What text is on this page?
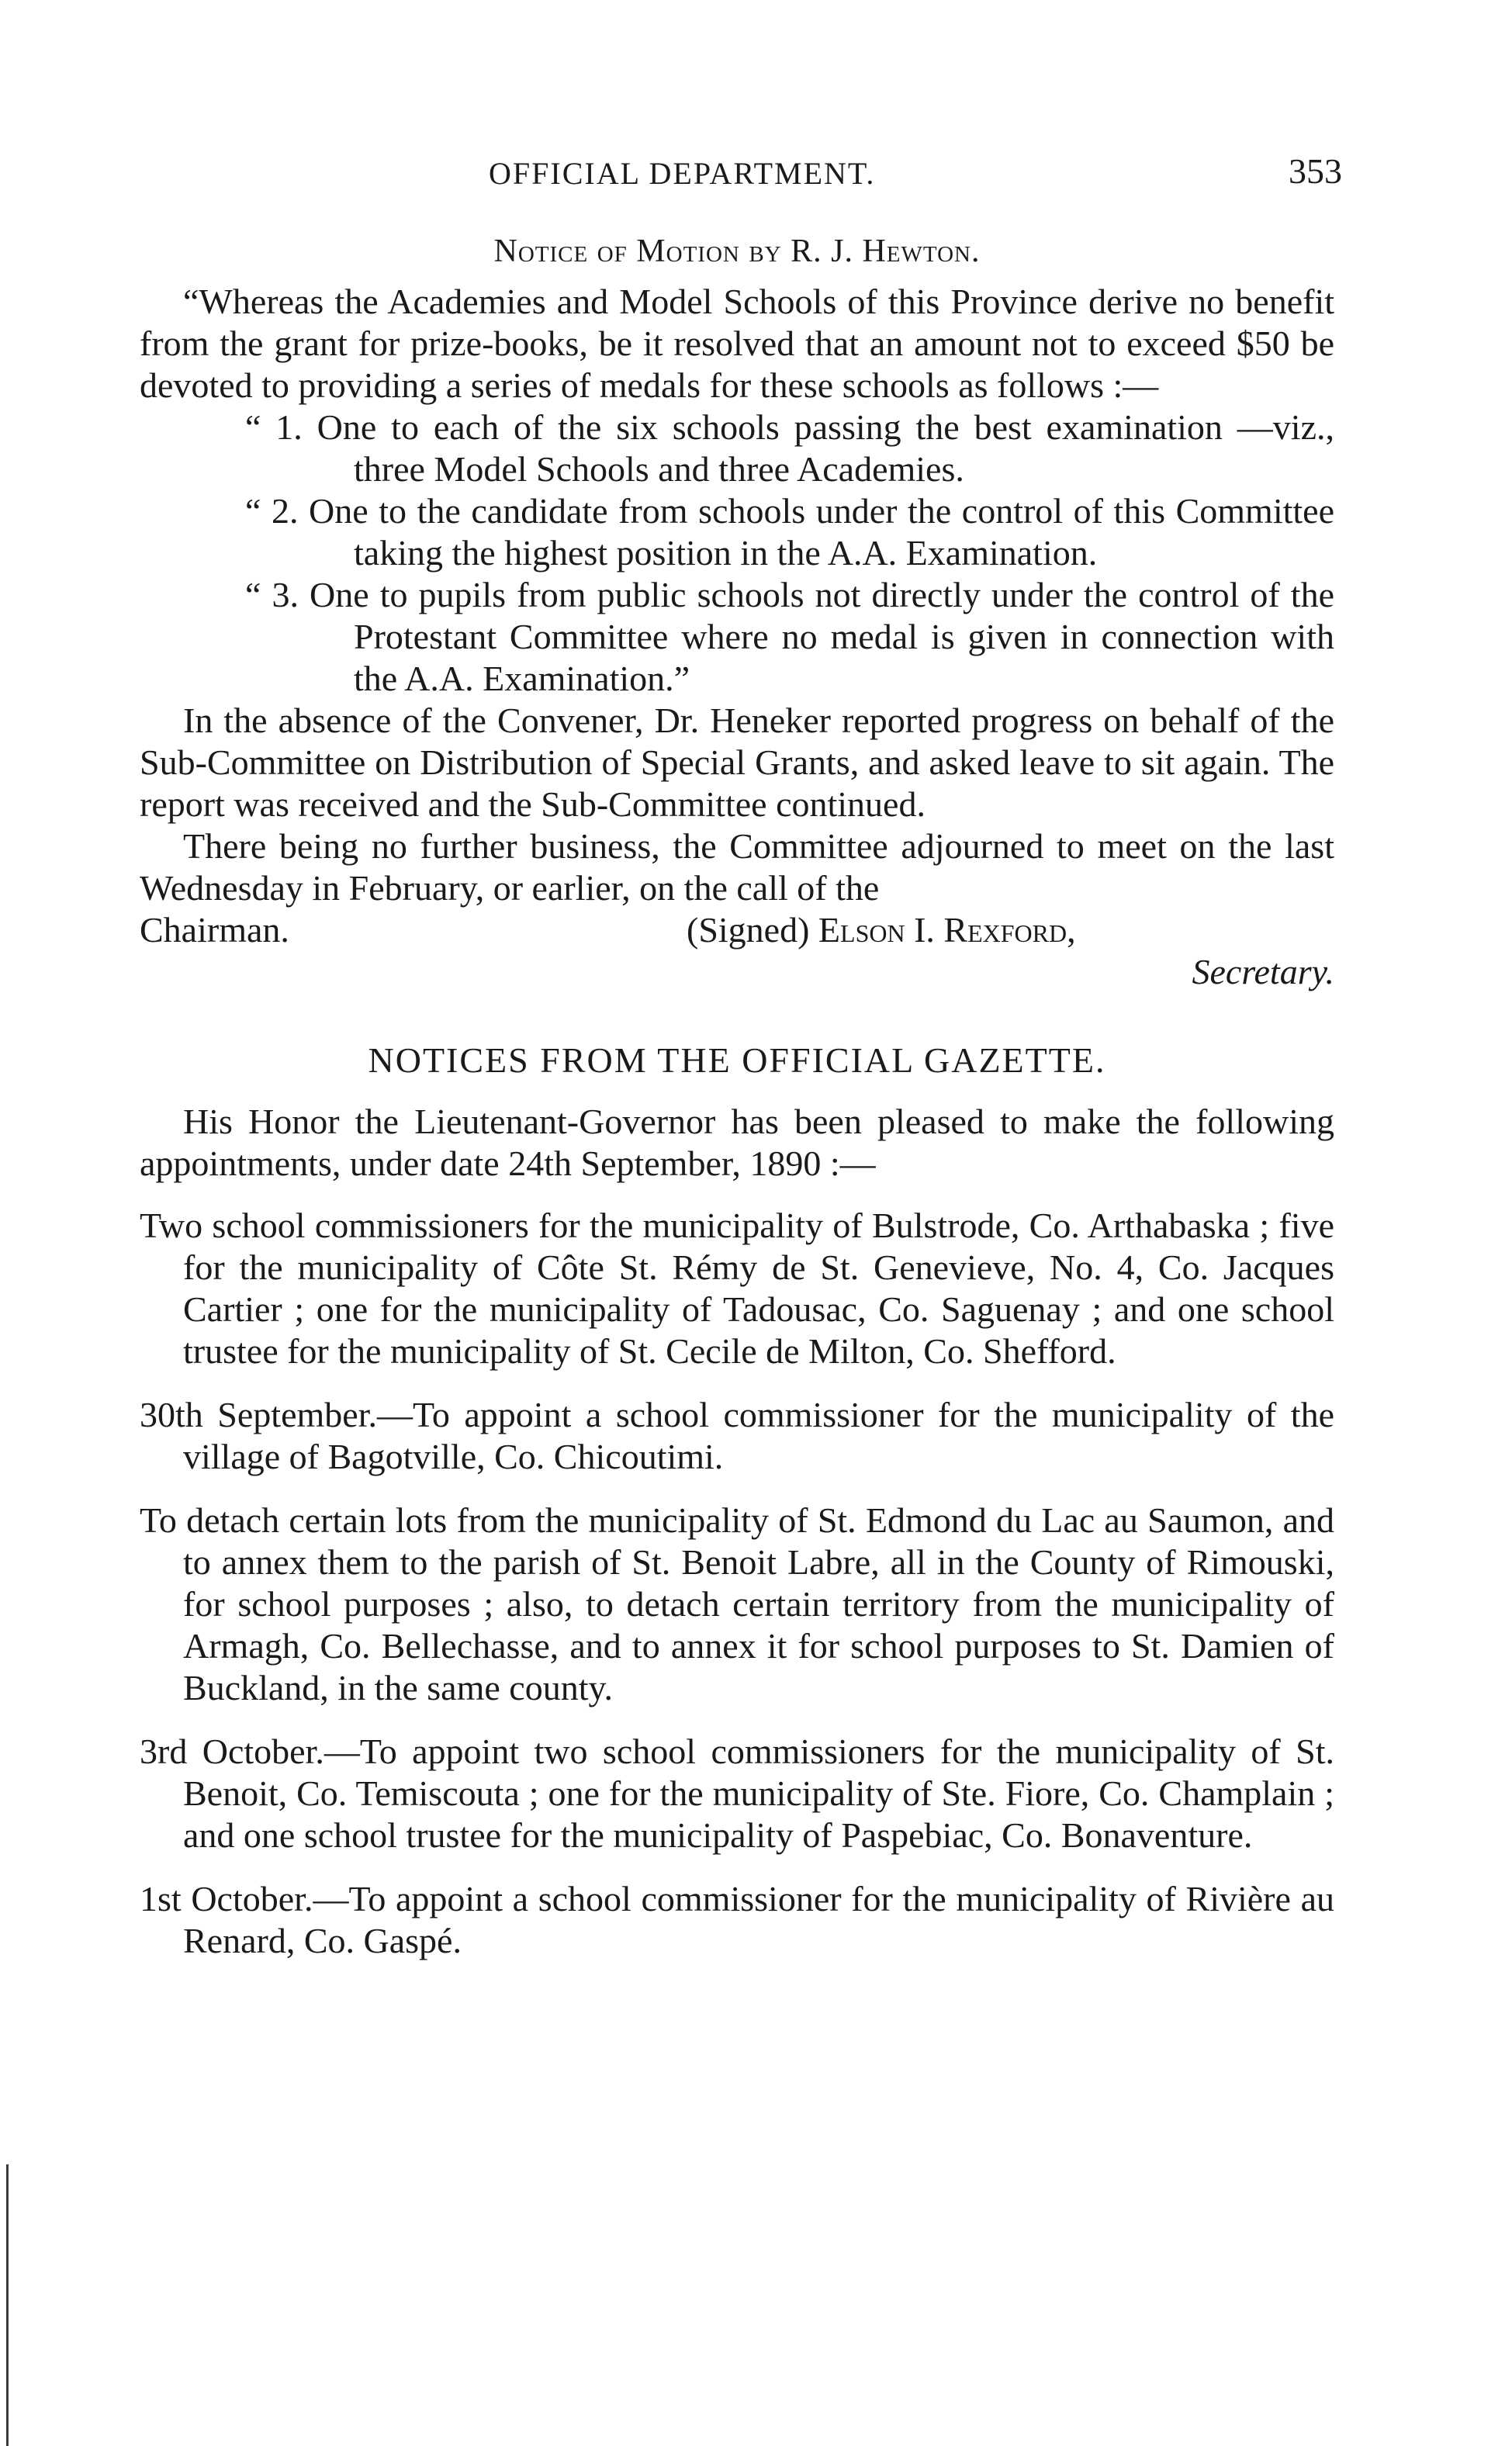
OFFICIAL DEPARTMENT.	353
Notice of Motion by R. J. Hewton.

“Whereas the Academies and Model Schools of this Province derive no benefit from the grant for prize-books, be it resolved that an amount not to exceed $50 be devoted to providing a series of medals for these schools as follows :—

“ 1. One to each of the six schools passing the best examination —viz., three Model Schools and three Academies.

“ 2. One to the candidate from schools under the control of this Committee taking the highest position in the A.A. Examination.

“ 3. One to pupils from public schools not directly under the control of the Protestant Committee where no medal is given in connection with the A.A. Examination.”

In the absence of the Convener, Dr. Heneker reported progress on behalf of the Sub-Committee on Distribution of Special Grants, and asked leave to sit again. The report was received and the Sub-Committee continued.

There being no further business, the Committee adjourned to meet on the last Wednesday in February, or earlier, on the call of the

Chairman.	(Signed) Elson I. Rexford,

Secretary.

NOTICES FROM THE OFFICIAL GAZETTE.

His Honor the Lieutenant-Governor has been pleased to make the following appointments, under date 24th September, 1890 :—

Two school commissioners for the municipality of Bulstrode, Co. Arthabaska ; five for the municipality of Côte St. Rémy de St. Genevieve, No. 4, Co. Jacques Cartier ; one for the municipality of Tadousac, Co. Saguenay ; and one school trustee for the municipality of St. Cecile de Milton, Co. Shefford.

30th September.—To appoint a school commissioner for the municipality of the village of Bagotville, Co. Chicoutimi.

To detach certain lots from the municipality of St. Edmond du Lac au Saumon, and to annex them to the parish of St. Benoit Labre, all in the County of Rimouski, for school purposes ; also, to detach certain territory from the municipality of Armagh, Co. Bellechasse, and to annex it for school purposes to St. Damien of Buckland, in the same county.

3rd October.—To appoint two school commissioners for the municipality of St. Benoit, Co. Temiscouta ; one for the municipality of Ste. Fiore, Co. Champlain ; and one school trustee for the municipality of Paspebiac, Co. Bonaventure.

1st October.—To appoint a school commissioner for the municipality of Rivière au Renard, Co. Gaspé.
